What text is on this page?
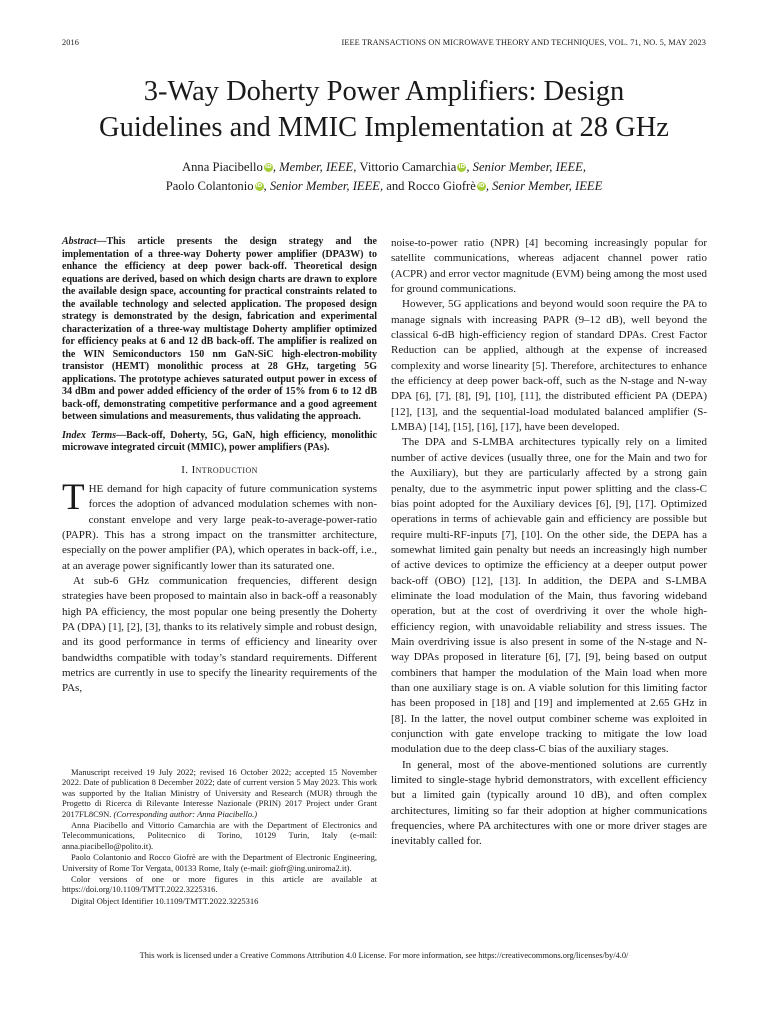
2016	IEEE TRANSACTIONS ON MICROWAVE THEORY AND TECHNIQUES, VOL. 71, NO. 5, MAY 2023
3-Way Doherty Power Amplifiers: Design
Guidelines and MMIC Implementation at 28 GHz
Anna Piacibello iD, Member, IEEE, Vittorio Camarchia iD, Senior Member, IEEE,
Paolo Colantonio iD, Senior Member, IEEE, and Rocco Giofrè iD, Senior Member, IEEE

Abstract—This article presents the design strategy and the implementation of a three-way Doherty power amplifier (DPA3W) to enhance the efficiency at deep power back-off. Theoretical design equations are derived, based on which design charts are drawn to explore the available design space, accounting for practical constraints related to the available technology and selected application. The proposed design strategy is demonstrated by the design, fabrication and experimental characterization of a three-way multistage Doherty amplifier optimized for efficiency peaks at 6 and 12 dB back-off. The amplifier is realized on the WIN Semiconductors 150 nm GaN-SiC high-electron-mobility transistor (HEMT) monolithic process at 28 GHz, targeting 5G applications. The prototype achieves saturated output power in excess of 34 dBm and power added efficiency of the order of 15% from 6 to 12 dB back-off, demonstrating competitive performance and a good agreement between simulations and measurements, thus validating the approach.

Index Terms—Back-off, Doherty, 5G, GaN, high efficiency, monolithic microwave integrated circuit (MMIC), power amplifiers (PAs).

I. Introduction

THE demand for high capacity of future communication systems forces the adoption of advanced modulation schemes with non-constant envelope and very large peak-to-average-power-ratio (PAPR). This has a strong impact on the transmitter architecture, especially on the power amplifier (PA), which operates in back-off, i.e., at an average power significantly lower than its saturated one.

At sub-6 GHz communication frequencies, different design strategies have been proposed to maintain also in back-off a reasonably high PA efficiency, the most popular one being presently the Doherty PA (DPA) [1], [2], [3], thanks to its relatively simple and robust design, and its good performance in terms of efficiency and linearity over bandwidths compatible with today’s standard requirements. Different metrics are currently in use to specify the linearity requirements of the PAs,

Manuscript received 19 July 2022; revised 16 October 2022; accepted 15 November 2022. Date of publication 8 December 2022; date of current version 5 May 2023. This work was supported by the Italian Ministry of University and Research (MUR) through the Progetto di Ricerca di Rilevante Interesse Nazionale (PRIN) 2017 Project under Grant 2017FL8C9N. (Corresponding author: Anna Piacibello.)

Anna Piacibello and Vittorio Camarchia are with the Department of Electronics and Telecommunications, Politecnico di Torino, 10129 Turin, Italy (e-mail: anna.piacibello@polito.it).

Paolo Colantonio and Rocco Giofrè are with the Department of Electronic Engineering, University of Rome Tor Vergata, 00133 Rome, Italy (e-mail: giofr@ing.uniroma2.it).

Color versions of one or more figures in this article are available at https://doi.org/10.1109/TMTT.2022.3225316.

Digital Object Identifier 10.1109/TMTT.2022.3225316

noise-to-power ratio (NPR) [4] becoming increasingly popular for satellite communications, whereas adjacent channel power ratio (ACPR) and error vector magnitude (EVM) being among the most used for ground communications.

However, 5G applications and beyond would soon require the PA to manage signals with increasing PAPR (9–12 dB), well beyond the classical 6-dB high-efficiency region of standard DPAs. Crest Factor Reduction can be applied, although at the expense of increased complexity and worse linearity [5]. Therefore, architectures to enhance the efficiency at deep power back-off, such as the N-stage and N-way DPA [6], [7], [8], [9], [10], [11], the distributed efficient PA (DEPA) [12], [13], and the sequential-load modulated balanced amplifier (S-LMBA) [14], [15], [16], [17], have been developed.

The DPA and S-LMBA architectures typically rely on a limited number of active devices (usually three, one for the Main and two for the Auxiliary), but they are particularly affected by a strong gain penalty, due to the asymmetric input power splitting and the class-C bias point adopted for the Auxiliary devices [6], [9], [17]. Optimized operations in terms of achievable gain and efficiency are possible but require multi-RF-inputs [7], [10]. On the other side, the DEPA has a somewhat limited gain penalty but needs an increasingly high number of active devices to optimize the efficiency at a deeper output power back-off (OBO) [12], [13]. In addition, the DEPA and S-LMBA eliminate the load modulation of the Main, thus favoring wideband operation, but at the cost of overdriving it over the whole high-efficiency region, with unavoidable reliability and stress issues. The Main overdriving issue is also present in some of the N-stage and N-way DPAs proposed in literature [6], [7], [9], being based on output combiners that hamper the modulation of the Main load when more than one auxiliary stage is on. A viable solution for this limiting factor has been proposed in [18] and [19] and implemented at 2.65 GHz in [8]. In the latter, the novel output combiner scheme was exploited in conjunction with gate envelope tracking to mitigate the low load modulation due to the deep class-C bias of the auxiliary stages.

In general, most of the above-mentioned solutions are currently limited to single-stage hybrid demonstrators, with excellent efficiency but a limited gain (typically around 10 dB), and often complex architectures, limiting so far their adoption at higher communications frequencies, where PA architectures with one or more driver stages are inevitably called for.

This work is licensed under a Creative Commons Attribution 4.0 License. For more information, see https://creativecommons.org/licenses/by/4.0/
